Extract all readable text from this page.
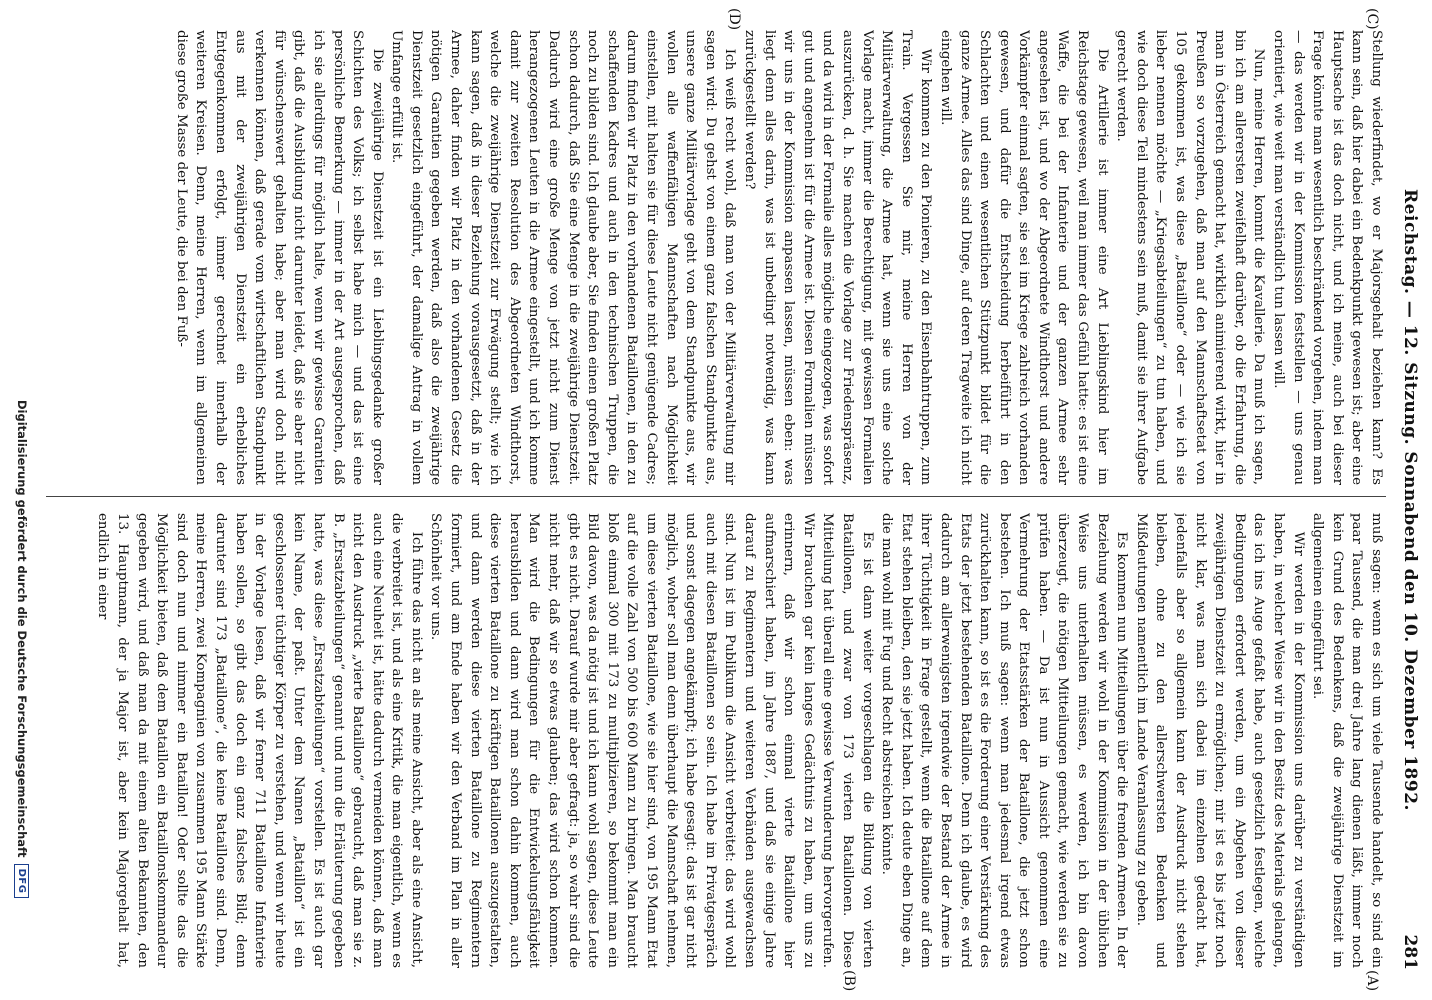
Reichstag. — 12. Sitzung. Sonnabend den 10. Dezember 1892.
281
(A)
(B)
(C)
(D)

muß sagen: wenn es sich um viele Tausende handelt, so sind ein paar Tausend, die man drei Jahre lang dienen läßt, immer noch kein Grund des Bedenkens, daß die zweijährige Dienstzeit im allgemeinen eingeführt sei.

Wir werden in der Kommission uns darüber zu verständigen haben, in welcher Weise wir in den Besitz des Materials gelangen, das ich ins Auge gefaßt habe, auch gesetzlich festlegen, welche Bedingungen erfordert werden, um ein Abgehen von dieser zweijährigen Dienstzeit zu ermöglichen; mir ist es bis jetzt noch nicht klar, was man sich dabei im einzelnen gedacht hat, jedenfalls aber so allgemein kann der Ausdruck nicht stehen bleiben, ohne zu den allerschwersten Bedenken und Mißdeutungen namentlich im Lande Veranlassung zu geben.

Es kommen nun Mitteilungen über die fremden Armeen. In der Beziehung werden wir wohl in der Kommission in der üblichen Weise uns unterhalten müssen, es werden, ich bin davon überzeugt, die nötigen Mitteilungen gemacht, wie werden sie zu prüfen haben. — Da ist nun in Aussicht genommen eine Vermehrung der Etatsstärken der Bataillone, die jetzt schon bestehen. Ich muß sagen: wenn man jedesmal irgend etwas zurückhalten kann, so ist es die Forderung einer Verstärkung des Etats der jetzt bestehenden Bataillone. Denn ich glaube, es wird dadurch am allerwenigsten irgendwie der Bestand der Armee in ihrer Tüchtigkeit in Frage gestellt, wenn die Bataillone auf dem Etat stehen bleiben, den sie jetzt haben. Ich deute eben Dinge an, die man wohl mit Fug und Recht abstreichen könnte.

Es ist dann weiter vorgeschlagen die Bildung von vierten Bataillonen, und zwar von 173 vierten Bataillonen. Diese Mitteilung hat überall eine gewisse Verwunderung hervorgerufen. Wir brauchen gar kein langes Gedächtnis zu haben, um uns zu erinnern, daß wir schon einmal vierte Bataillone hier aufmarschiert haben, im Jahre 1887, und daß sie einige Jahre darauf zu Regimentern und weiteren Verbänden ausgewachsen sind. Nun ist im Publikum die Ansicht verbreitet: das wird wohl auch mit diesen Bataillonen so sein. Ich habe im Privatgespräch und sonst dagegen angekämpft; ich habe gesagt: das ist gar nicht möglich, woher soll man denn überhaupt die Mannschaft nehmen, um diese vierten Bataillone, wie sie hier sind, von 195 Mann Etat auf die volle Zahl von 500 bis 600 Mann zu bringen. Man braucht bloß einmal 300 mit 173 zu multiplizieren, so bekommt man ein Bild davon, was da nötig ist und ich kann wohl sagen, diese Leute gibt es nicht. Darauf wurde mir aber gefragt: ja, so wahr sind die nicht mehr, daß wir so etwas glauben; das wird schon kommen. Man wird die Bedingungen für die Entwickelungsfähigkeit herausbilden und dann wird man schon dahin kommen, auch diese vierten Bataillone zu kräftigen Bataillonen auszugestalten, und dann werden diese vierten Bataillone zu Regimentern formiert, und am Ende haben wir den Verband im Plan in aller Schönheit vor uns.

Ich führe das nicht an als meine Ansicht, aber als eine Ansicht, die verbreitet ist, und als eine Kritik, die man eigentlich, wenn es auch eine Neuheit ist, hätte dadurch vermeiden können, daß man nicht den Ausdruck „vierte Bataillone“ gebraucht, daß man sie z. B. „Ersatzabteilungen“ genannt und nun die Erläuterung gegeben hatte, was diese „Ersatzabteilungen“ vorstellen. Es ist auch gar kein Name, der paßt. Unter dem Namen „Bataillon“ ist ein geschlossener tüchtiger Körper zu verstehen, und wenn wir heute in der Vorlage lesen, daß wir ferner 711 Bataillone Infanterie haben sollen, so gibt das doch ein ganz falsches Bild; denn darunter sind 173 „Bataillone“, die keine Bataillone sind. Denn, meine Herren, zwei Kompagnien von zusammen 195 Mann Stärke sind doch nun und nimmer ein Bataillon! Oder sollte das die Möglichkeit bieten, daß dem Bataillon ein Bataillonskommandeur gegeben wird, und daß man da mit einem alten Bekannten, den 13. Hauptmann, der ja Major ist, aber kein Majorgehalt hat, endlich in einer

Stellung wiederfindet, wo er Majorsgehalt beziehen kann? Es kann sein, daß hier dabei ein Bedenkpunkt gewesen ist; aber eine Hauptsache ist das doch nicht, und ich meine, auch bei dieser Frage könnte man wesentlich beschränkend vorgehen, indem man — das werden wir in der Kommission feststellen — uns genau orientiert, wie weit man verständlich tun lassen will.

Nun, meine Herren, kommt die Kavallerie. Da muß ich sagen, bin ich am allerersten zweifelhaft darüber, ob die Erfahrung, die man in Österreich gemacht hat, wirklich animierend wirkt, hier in Preußen so vorzugehen, daß man auf den Mannschaftsetat von 105 gekommen ist, was diese „Bataillone“ oder — wie ich sie lieber nennen möchte — „Kriegsabteilungen“ zu tun haben, und wie doch diese Teil mindestens sein muß, damit sie ihrer Aufgabe gerecht werden.

Die Artillerie ist immer eine Art Lieblingskind hier im Reichstage gewesen, weil man immer das Gefühl hatte: es ist eine Waffe, die bei der Infanterie und der ganzen Armee sehr angesehen ist, und wo der Abgeordnete Windthorst und andere Vorkämpfer einmal sagten, sie sei im Kriege zahlreich vorhanden gewesen, und dafür die Entscheidung herbeiführt in den Schlachten und einen wesentlichen Stützpunkt bildet für die ganze Armee. Alles das sind Dinge, auf deren Tragweite ich nicht eingehen will.

Wir kommen zu den Pionieren, zu den Eisenbahntruppen, zum Train. Vergessen Sie mir, meine Herren von der Militärverwaltung, die Armee hat, wenn sie uns eine solche Vorlage macht, immer die Berechtigung, mit gewissen Formalien auszurücken, d. h. Sie machen die Vorlage zur Friedenspräsenz, und da wird in der Formalie alles mögliche eingezogen, was sofort gut und angenehm ist für die Armee ist. Diesen Formalien müssen wir uns in der Kommission anpassen lassen, müssen eben: was liegt denn alles darin, was ist unbedingt notwendig, was kann zurückgestellt werden?

Ich weiß recht wohl, daß man von der Militärverwaltung mir sagen wird: Du gehst von einem ganz falschen Standpunkte aus, unsere ganze Militärvorlage geht von dem Standpunkte aus, wir wollen alle waffenfähigen Mannschaften nach Möglichkeit einstellen, mit halten sie für diese Leute nicht genügende Cadres; darum finden wir Platz in den vorhandenen Bataillonen, in den zu schaffenden Kadres und auch in den technischen Truppen, die noch zu bilden sind. Ich glaube aber, Sie finden einen großen Platz schon dadurch, daß Sie eine Menge in die zweijährige Dienstzeit. Dadurch wird eine große Menge von jetzt nicht zum Dienst herangezogenen Leuten in die Armee eingestellt, und ich komme damit zur zweiten Resolution des Abgeordneten Windthorst, welche die zweijährige Dienstzeit zur Erwägung stellt; wie ich kann sagen, daß in dieser Beziehung vorausgesetzt, daß in der Armee, daher finden wir Platz in den vorhandenen Gesetz die nötigen Garantien gegeben werden, daß also die zweijährige Dienstzeit gesetzlich eingeführt, der damalige Antrag in vollem Umfange erfüllt ist.

Die zweijährige Dienstzeit ist ein Lieblingsgedanke großer Schichten des Volks; ich selbst habe mich — und das ist eine persönliche Bemerkung — immer in der Art ausgesprochen, daß ich sie allerdings für möglich halte, wenn wir gewisse Garantien gibt, daß die Ausbildung nicht darunter leidet, daß sie aber nicht für wünschenswert gehalten habe; aber man wird doch nicht verkennen können, daß gerade vom wirtschaftlichen Standpunkt aus mit der zweijährigen Dienstzeit ein erhebliches Entgegenkommen erfolgt, immer gerechnet innerhalb der weiteren Kreisen. Denn, meine Herren, wenn im allgemeinen diese große Masse der Leute, die bei den Fuß-

Digitalisierung gefördert durch die Deutsche Forschungsgemeinschaft
DFG
